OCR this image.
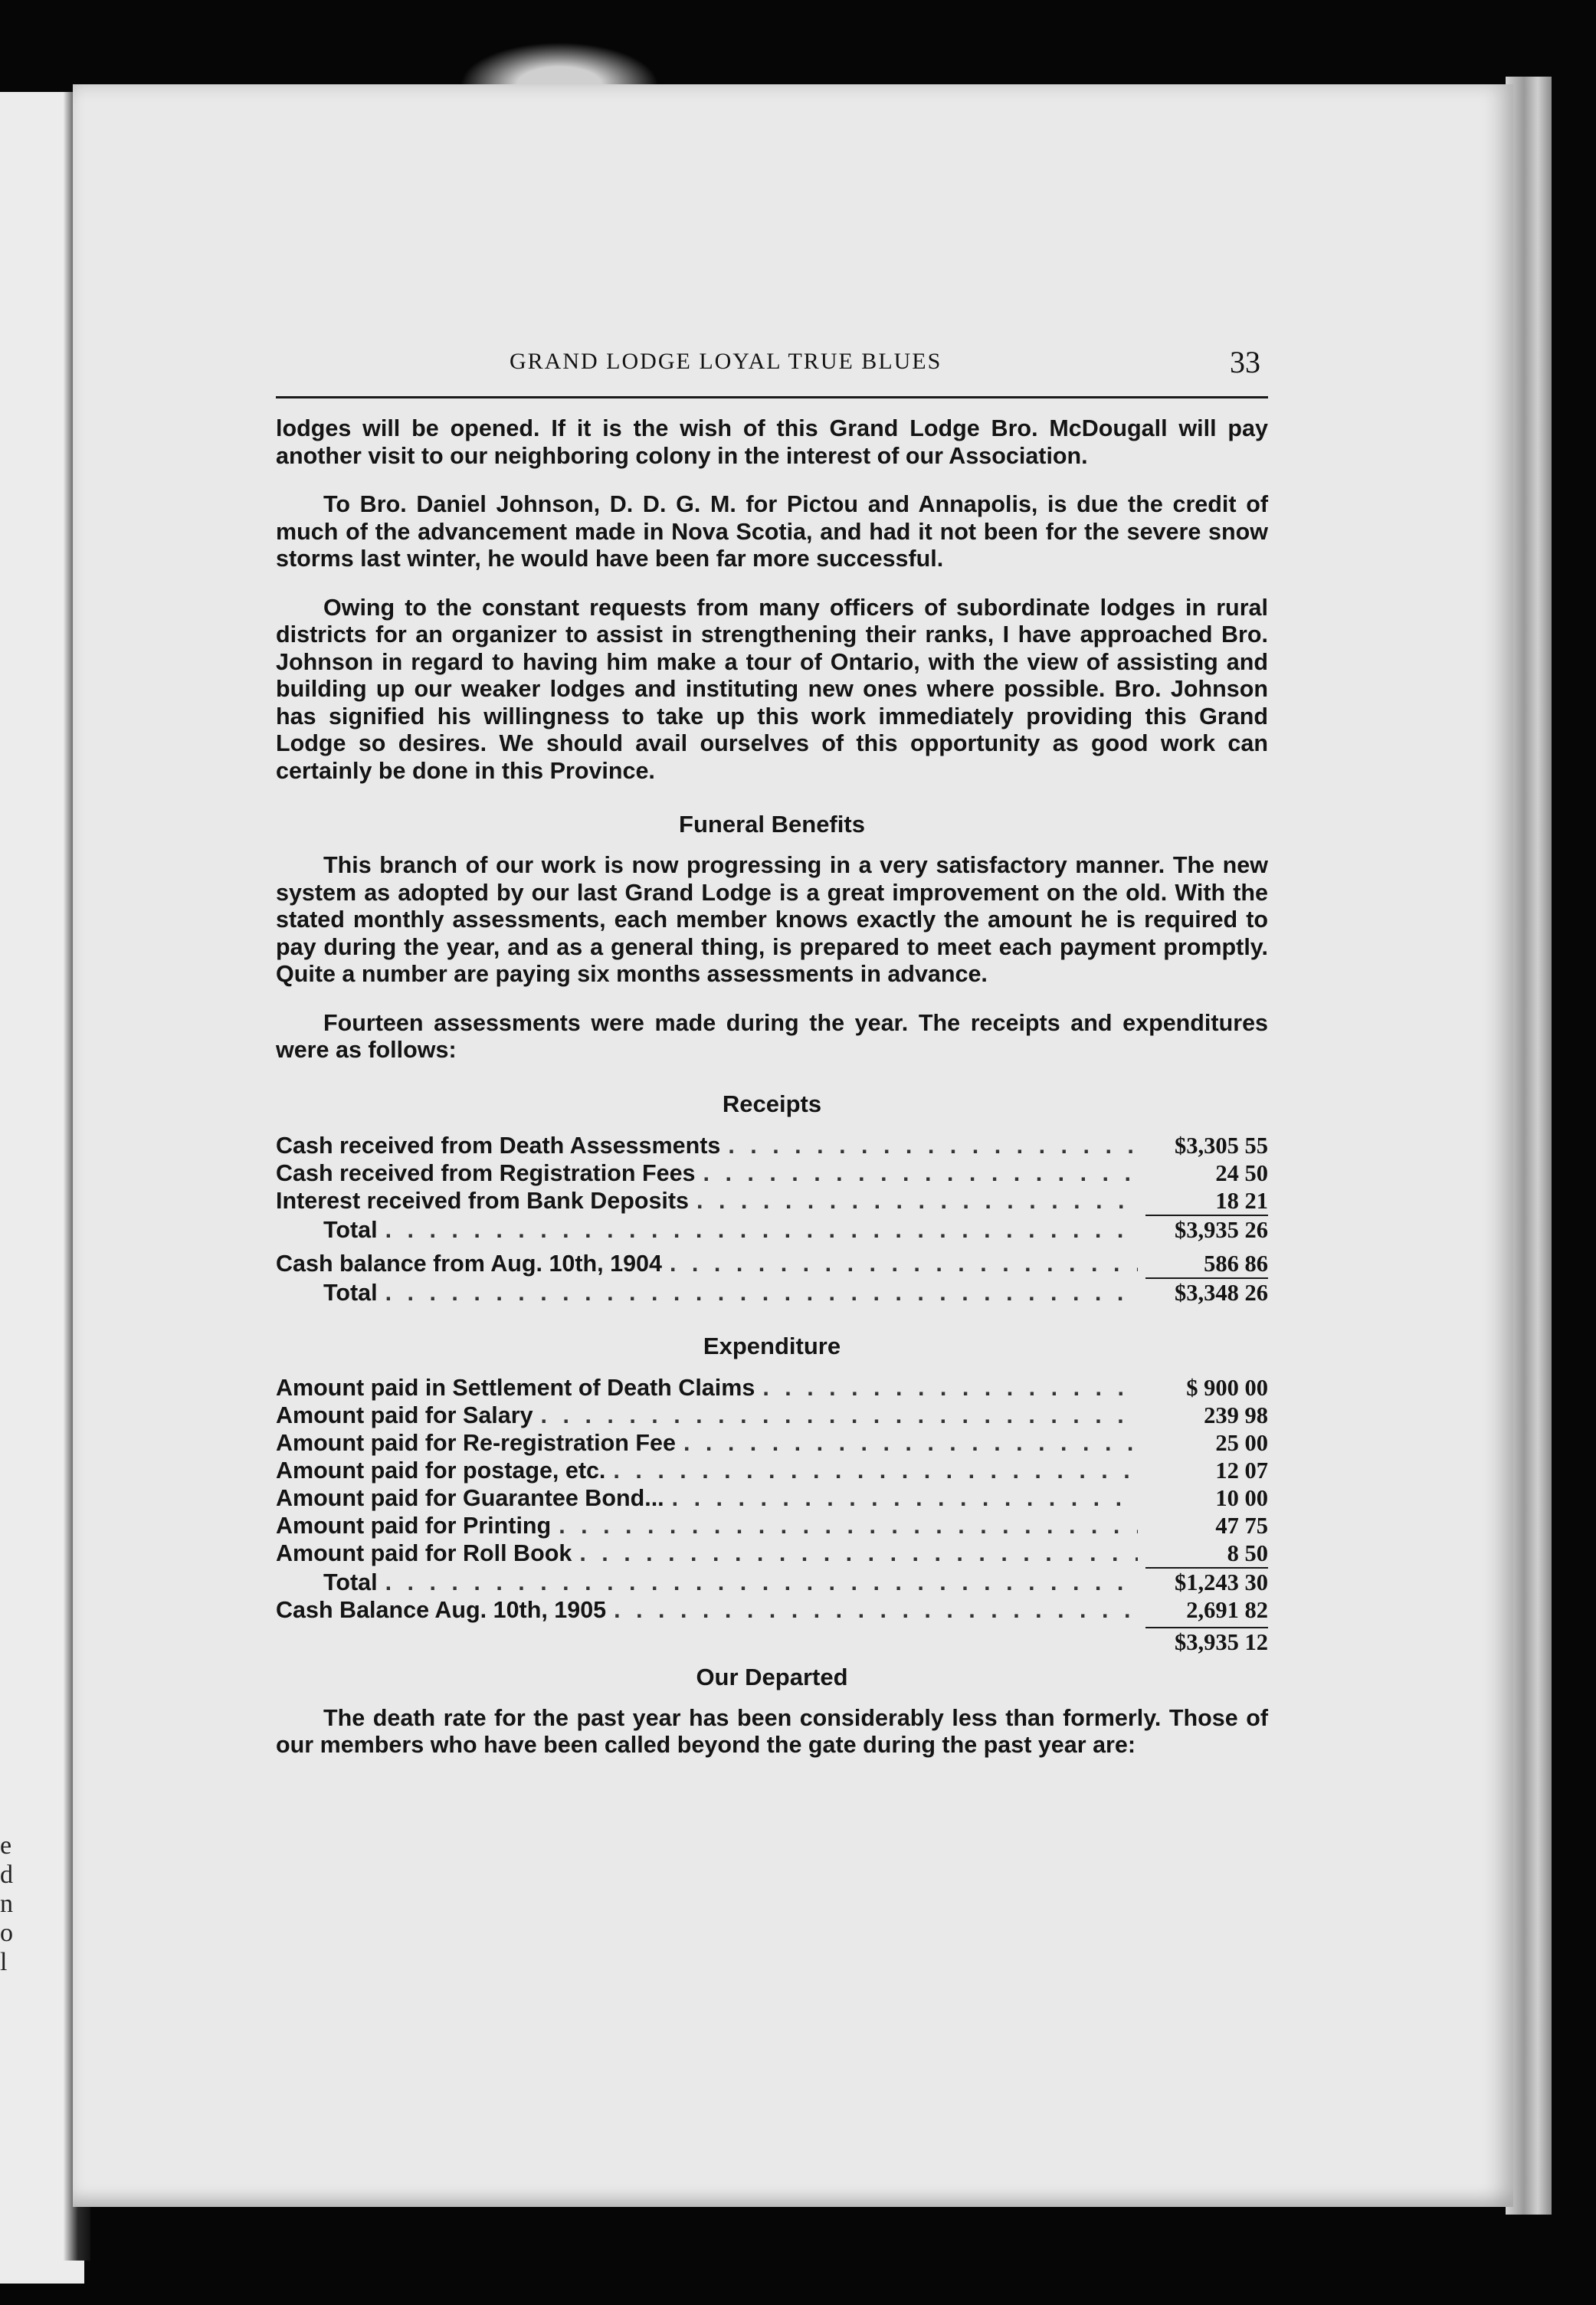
e
d
n
o
l
GRAND LODGE LOYAL TRUE BLUES	33

lodges will be opened. If it is the wish of this Grand Lodge Bro. McDougall will pay another visit to our neighboring colony in the interest of our Association.

To Bro. Daniel Johnson, D. D. G. M. for Pictou and Annapolis, is due the credit of much of the advancement made in Nova Scotia, and had it not been for the severe snow storms last winter, he would have been far more successful.

Owing to the constant requests from many officers of subordinate lodges in rural districts for an organizer to assist in strengthening their ranks, I have approached Bro. Johnson in regard to having him make a tour of Ontario, with the view of assisting and building up our weaker lodges and instituting new ones where possible. Bro. Johnson has signified his willingness to take up this work immediately providing this Grand Lodge so desires. We should avail ourselves of this opportunity as good work can certainly be done in this Province.

Funeral Benefits

This branch of our work is now progressing in a very satisfactory manner. The new system as adopted by our last Grand Lodge is a great improvement on the old. With the stated monthly assessments, each member knows exactly the amount he is required to pay during the year, and as a general thing, is prepared to meet each payment promptly. Quite a number are paying six months assessments in advance.

Fourteen assessments were made during the year. The receipts and expenditures were as follows:

Receipts
Cash received from Death Assessments . . .	$3,305 55
Cash received from Registration Fees . . .	24 50
Interest received from Bank Deposits . . .	18 21
Total . . .	$3,935 26
Cash balance from Aug. 10th, 1904 . . .	586 86
Total . . .	$3,348 26
Expenditure
Amount paid in Settlement of Death Claims . . .	$ 900 00
Amount paid for Salary . . .	239 98
Amount paid for Re-registration Fee . . .	25 00
Amount paid for postage, etc. . . .	12 07
Amount paid for Guarantee Bond... . . .	10 00
Amount paid for Printing . . .	47 75
Amount paid for Roll Book . . .	8 50
Total . . .	$1,243 30
Cash Balance Aug. 10th, 1905 . . .	2,691 82
$3,935 12
Our Departed

The death rate for the past year has been considerably less than formerly. Those of our members who have been called beyond the gate during the past year are:
